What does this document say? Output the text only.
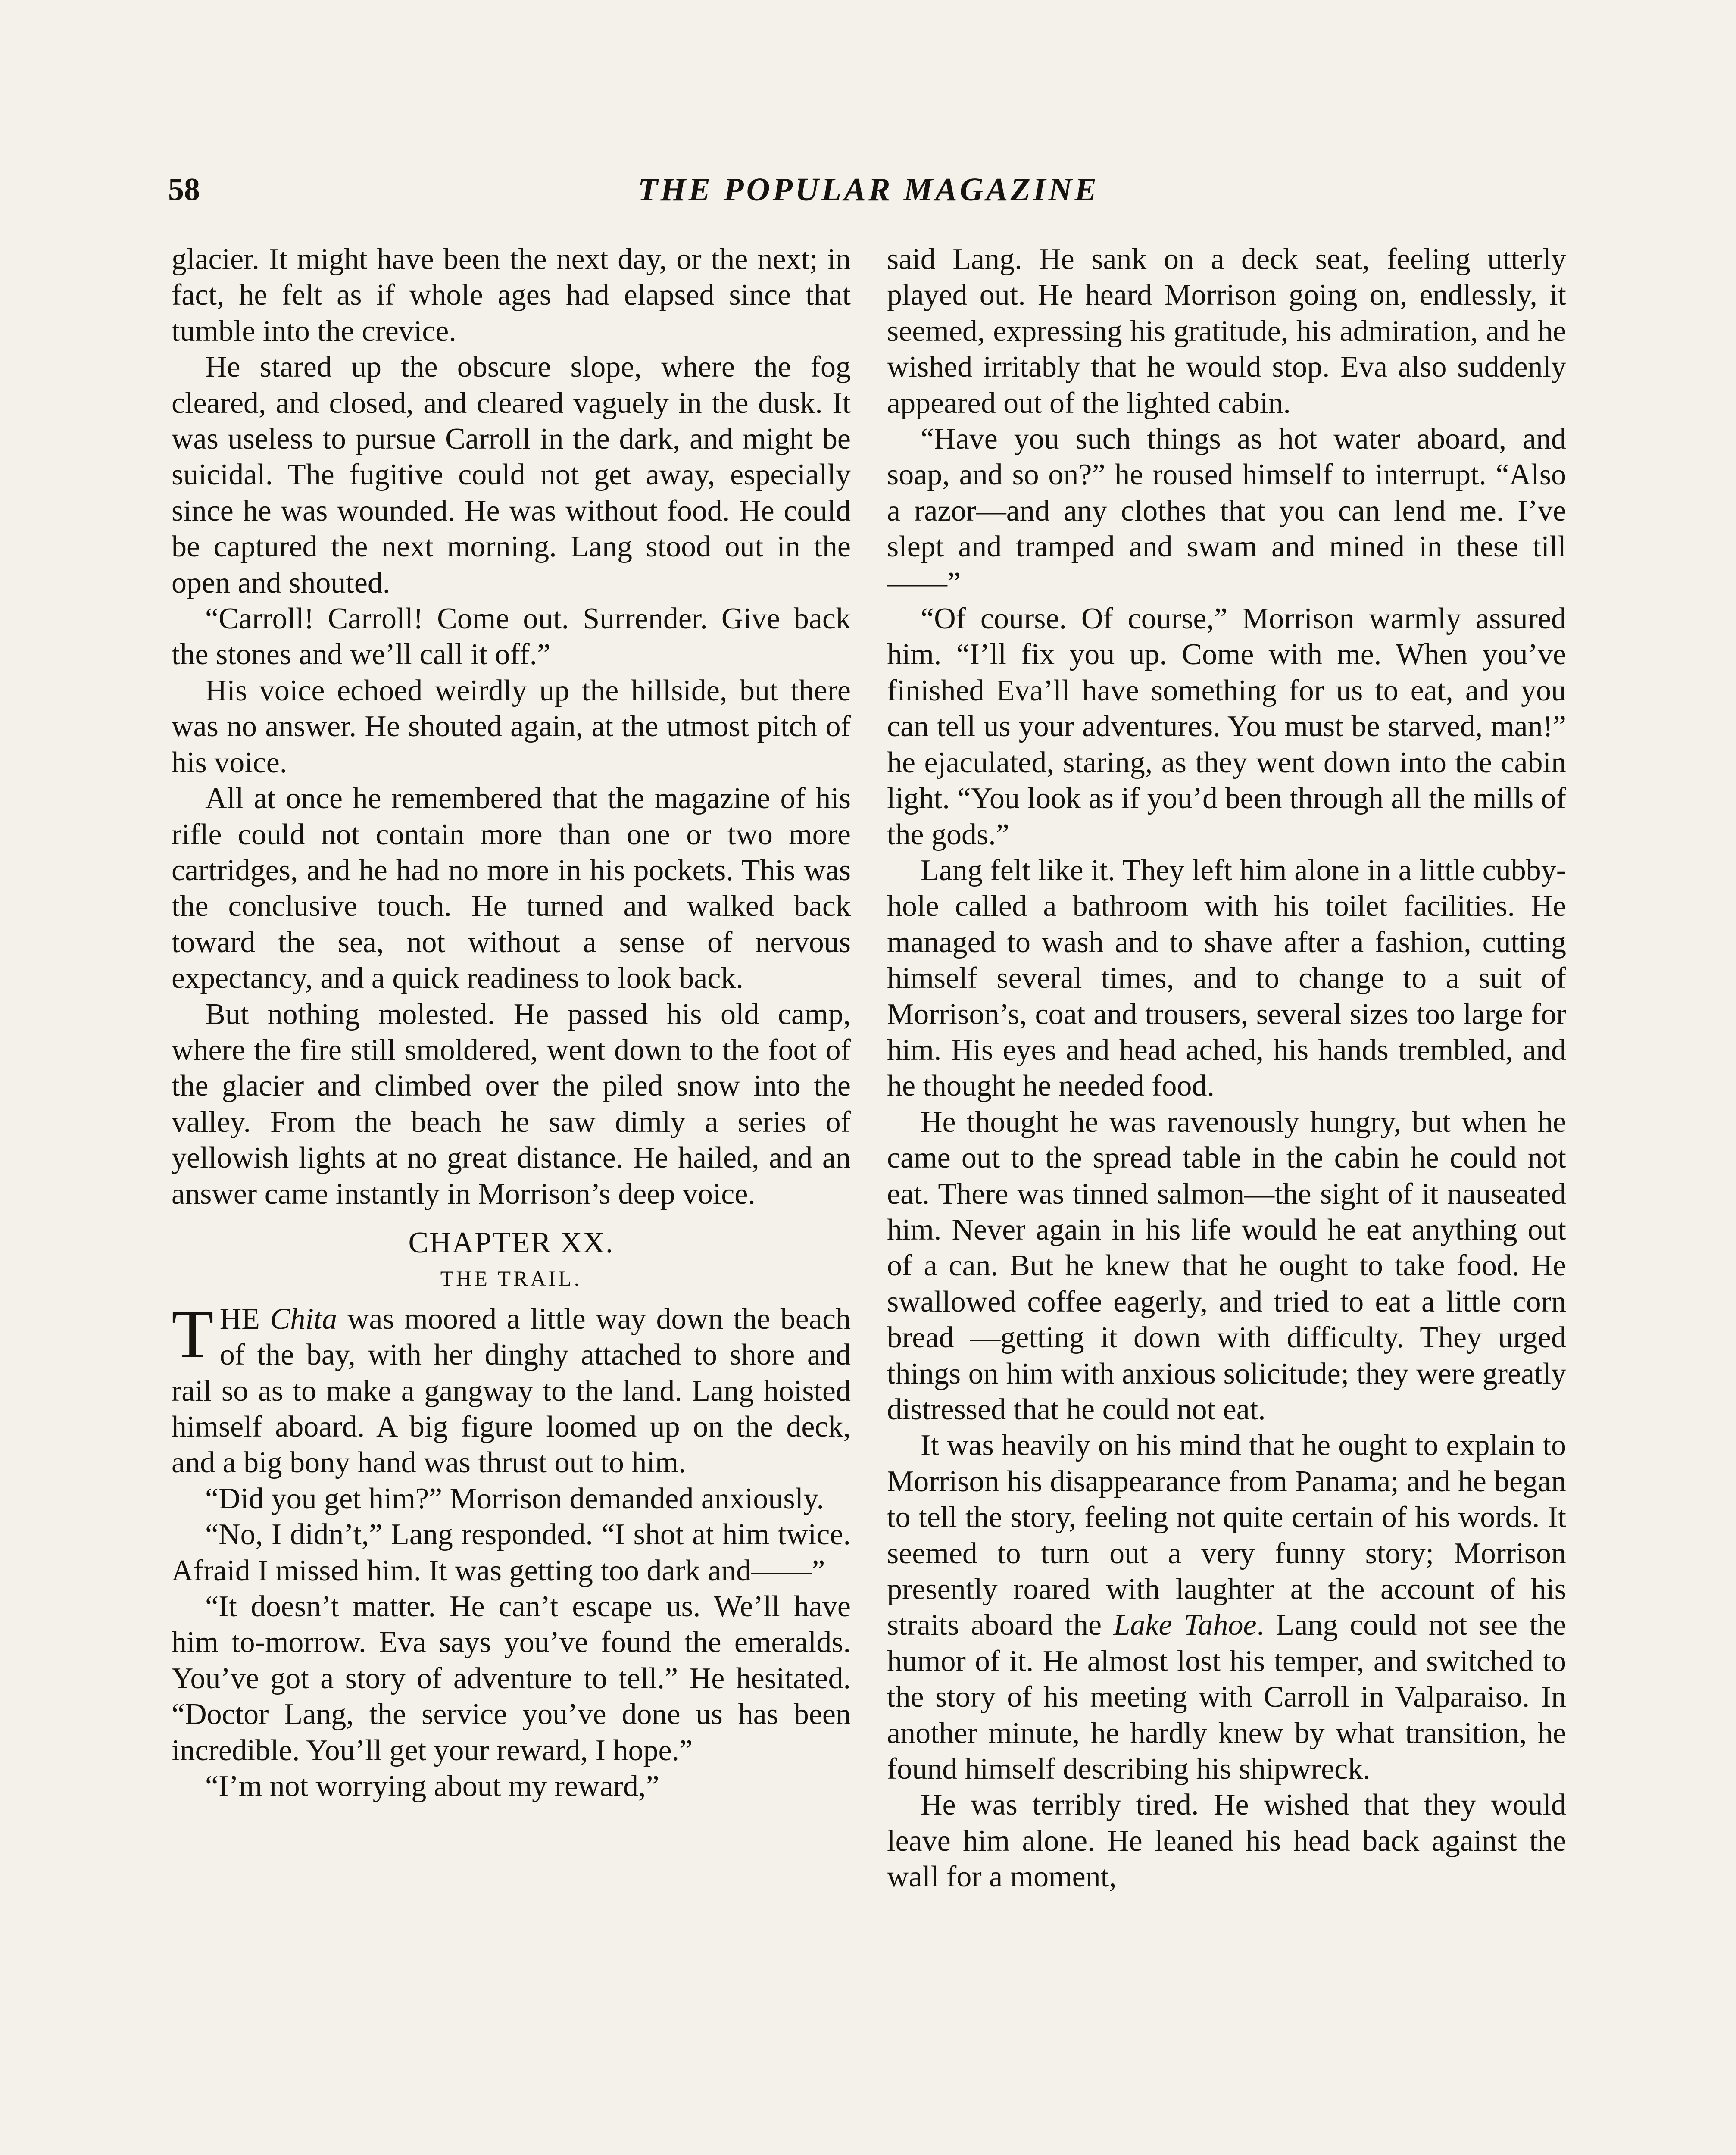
58	THE POPULAR MAGAZINE

glacier. It might have been the next day, or the next; in fact, he felt as if whole ages had elapsed since that tumble into the crevice.

He stared up the obscure slope, where the fog cleared, and closed, and cleared vaguely in the dusk. It was useless to pursue Carroll in the dark, and might be suicidal. The fugitive could not get away, especially since he was wounded. He was without food. He could be captured the next morning. Lang stood out in the open and shouted.

“Carroll! Carroll! Come out. Surrender. Give back the stones and we’ll call it off.”

His voice echoed weirdly up the hillside, but there was no answer. He shouted again, at the utmost pitch of his voice.

All at once he remembered that the magazine of his rifle could not contain more than one or two more cartridges, and he had no more in his pockets. This was the conclusive touch. He turned and walked back toward the sea, not without a sense of nervous expectancy, and a quick readiness to look back.

But nothing molested. He passed his old camp, where the fire still smoldered, went down to the foot of the glacier and climbed over the piled snow into the valley. From the beach he saw dimly a series of yellowish lights at no great distance. He hailed, and an answer came instantly in Morrison’s deep voice.

CHAPTER XX.
THE TRAIL.

THE Chita was moored a little way down the beach of the bay, with her dinghy attached to shore and rail so as to make a gangway to the land. Lang hoisted himself aboard. A big figure loomed up on the deck, and a big bony hand was thrust out to him.

“Did you get him?” Morrison demanded anxiously.

“No, I didn’t,” Lang responded. “I shot at him twice. Afraid I missed him. It was getting too dark and——”

“It doesn’t matter. He can’t escape us. We’ll have him to-morrow. Eva says you’ve found the emeralds. You’ve got a story of adventure to tell.” He hesitated. “Doctor Lang, the service you’ve done us has been incredible. You’ll get your reward, I hope.”

“I’m not worrying about my reward,”

said Lang. He sank on a deck seat, feeling utterly played out. He heard Morrison going on, endlessly, it seemed, expressing his gratitude, his admiration, and he wished irritably that he would stop. Eva also suddenly appeared out of the lighted cabin.

“Have you such things as hot water aboard, and soap, and so on?” he roused himself to interrupt. “Also a razor—and any clothes that you can lend me. I’ve slept and tramped and swam and mined in these till——”

“Of course. Of course,” Morrison warmly assured him. “I’ll fix you up. Come with me. When you’ve finished Eva’ll have something for us to eat, and you can tell us your adventures. You must be starved, man!” he ejaculated, staring, as they went down into the cabin light. “You look as if you’d been through all the mills of the gods.”

Lang felt like it. They left him alone in a little cubby-hole called a bathroom with his toilet facilities. He managed to wash and to shave after a fashion, cutting himself several times, and to change to a suit of Morrison’s, coat and trousers, several sizes too large for him. His eyes and head ached, his hands trembled, and he thought he needed food.

He thought he was ravenously hungry, but when he came out to the spread table in the cabin he could not eat. There was tinned salmon—the sight of it nauseated him. Never again in his life would he eat anything out of a can. But he knew that he ought to take food. He swallowed coffee eagerly, and tried to eat a little corn bread —getting it down with difficulty. They urged things on him with anxious solicitude; they were greatly distressed that he could not eat.

It was heavily on his mind that he ought to explain to Morrison his disappearance from Panama; and he began to tell the story, feeling not quite certain of his words. It seemed to turn out a very funny story; Morrison presently roared with laughter at the account of his straits aboard the Lake Tahoe. Lang could not see the humor of it. He almost lost his temper, and switched to the story of his meeting with Carroll in Valparaiso. In another minute, he hardly knew by what transition, he found himself describing his shipwreck.

He was terribly tired. He wished that they would leave him alone. He leaned his head back against the wall for a moment,
